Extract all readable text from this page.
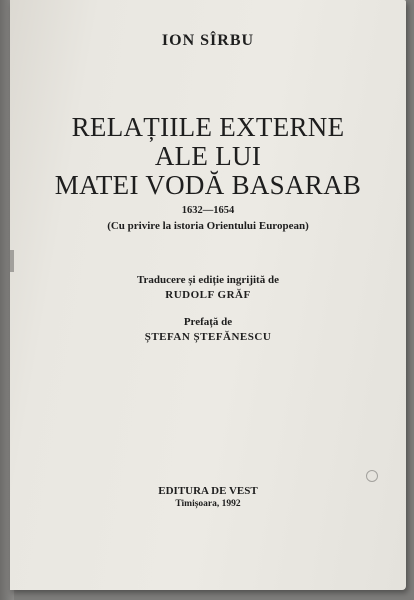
ION SÎRBU
RELAȚIILE EXTERNE
ALE LUI
MATEI VODĂ BASARAB
1632—1654
(Cu privire la istoria Orientului European)
Traducere și ediție ingrijită de
RUDOLF GRĂF
Prefață de
ȘTEFAN ȘTEFĂNESCU
EDITURA DE VEST
Timișoara, 1992
